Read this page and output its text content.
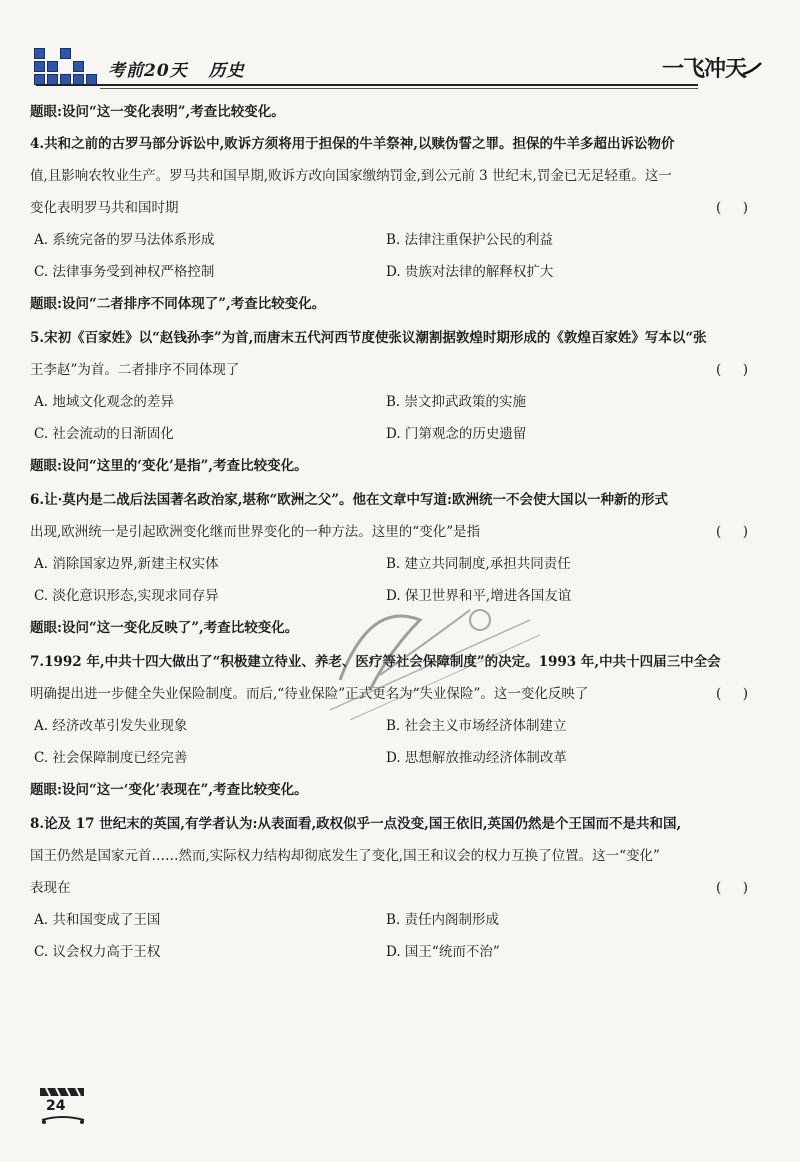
考前20天 历史	一飞冲天
题眼:设问“这一变化表明”,考查比较变化。
4.共和之前的古罗马部分诉讼中,败诉方须将用于担保的牛羊祭神,以赎伪誓之罪。担保的牛羊多超出诉讼物价
值,且影响农牧业生产。罗马共和国早期,败诉方改向国家缴纳罚金,到公元前 3 世纪末,罚金已无足轻重。这一
变化表明罗马共和国时期	(     )
A. 系统完备的罗马法体系形成	B. 法律注重保护公民的利益
C. 法律事务受到神权严格控制	D. 贵族对法律的解释权扩大
题眼:设问“二者排序不同体现了”,考查比较变化。
5.宋初《百家姓》以“赵钱孙李”为首,而唐末五代河西节度使张议潮割据敦煌时期形成的《敦煌百家姓》写本以“张
王李赵”为首。二者排序不同体现了	(     )
A. 地域文化观念的差异	B. 崇文抑武政策的实施
C. 社会流动的日渐固化	D. 门第观念的历史遗留
题眼:设问“这里的‘变化’是指”,考查比较变化。
6.让·莫内是二战后法国著名政治家,堪称“欧洲之父”。他在文章中写道:欧洲统一不会使大国以一种新的形式
出现,欧洲统一是引起欧洲变化继而世界变化的一种方法。这里的“变化”是指	(     )
A. 消除国家边界,新建主权实体	B. 建立共同制度,承担共同责任
C. 淡化意识形态,实现求同存异	D. 保卫世界和平,增进各国友谊
题眼:设问“这一变化反映了”,考查比较变化。
7.1992 年,中共十四大做出了“积极建立待业、养老、医疗等社会保障制度”的决定。1993 年,中共十四届三中全会
明确提出进一步健全失业保险制度。而后,“待业保险”正式更名为“失业保险”。这一变化反映了	(     )
A. 经济改革引发失业现象	B. 社会主义市场经济体制建立
C. 社会保障制度已经完善	D. 思想解放推动经济体制改革
题眼:设问“这一‘变化’表现在”,考查比较变化。
8.论及 17 世纪末的英国,有学者认为:从表面看,政权似乎一点没变,国王依旧,英国仍然是个王国而不是共和国,
国王仍然是国家元首……然而,实际权力结构却彻底发生了变化,国王和议会的权力互换了位置。这一“变化”
表现在	(     )
A. 共和国变成了王国	B. 责任内阁制形成
C. 议会权力高于王权	D. 国王“统而不治”
24
